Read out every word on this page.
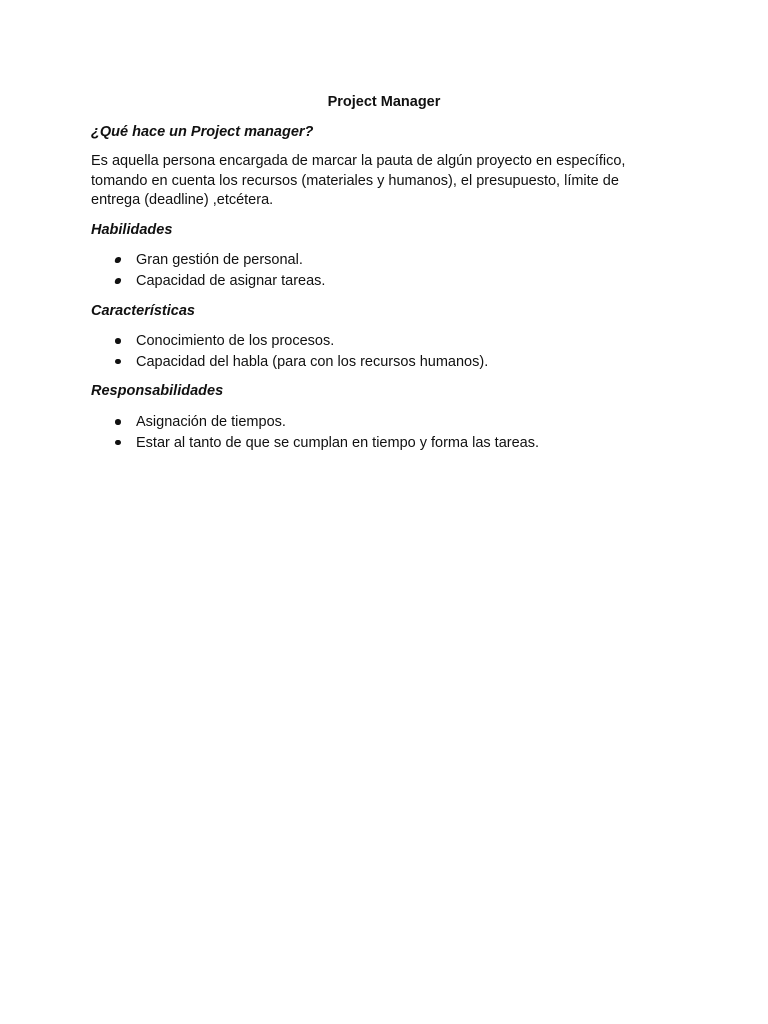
Project Manager
¿Qué hace un Project manager?
Es aquella persona encargada de marcar la pauta de algún proyecto en específico,
tomando en cuenta los recursos (materiales y humanos), el presupuesto, límite de
entrega (deadline) ,etcétera.
Habilidades
Gran gestión de personal.
Capacidad de asignar tareas.
Características
Conocimiento de los procesos.
Capacidad del habla (para con los recursos humanos).
Responsabilidades
Asignación de tiempos.
Estar al tanto de que se cumplan en tiempo y forma las tareas.
